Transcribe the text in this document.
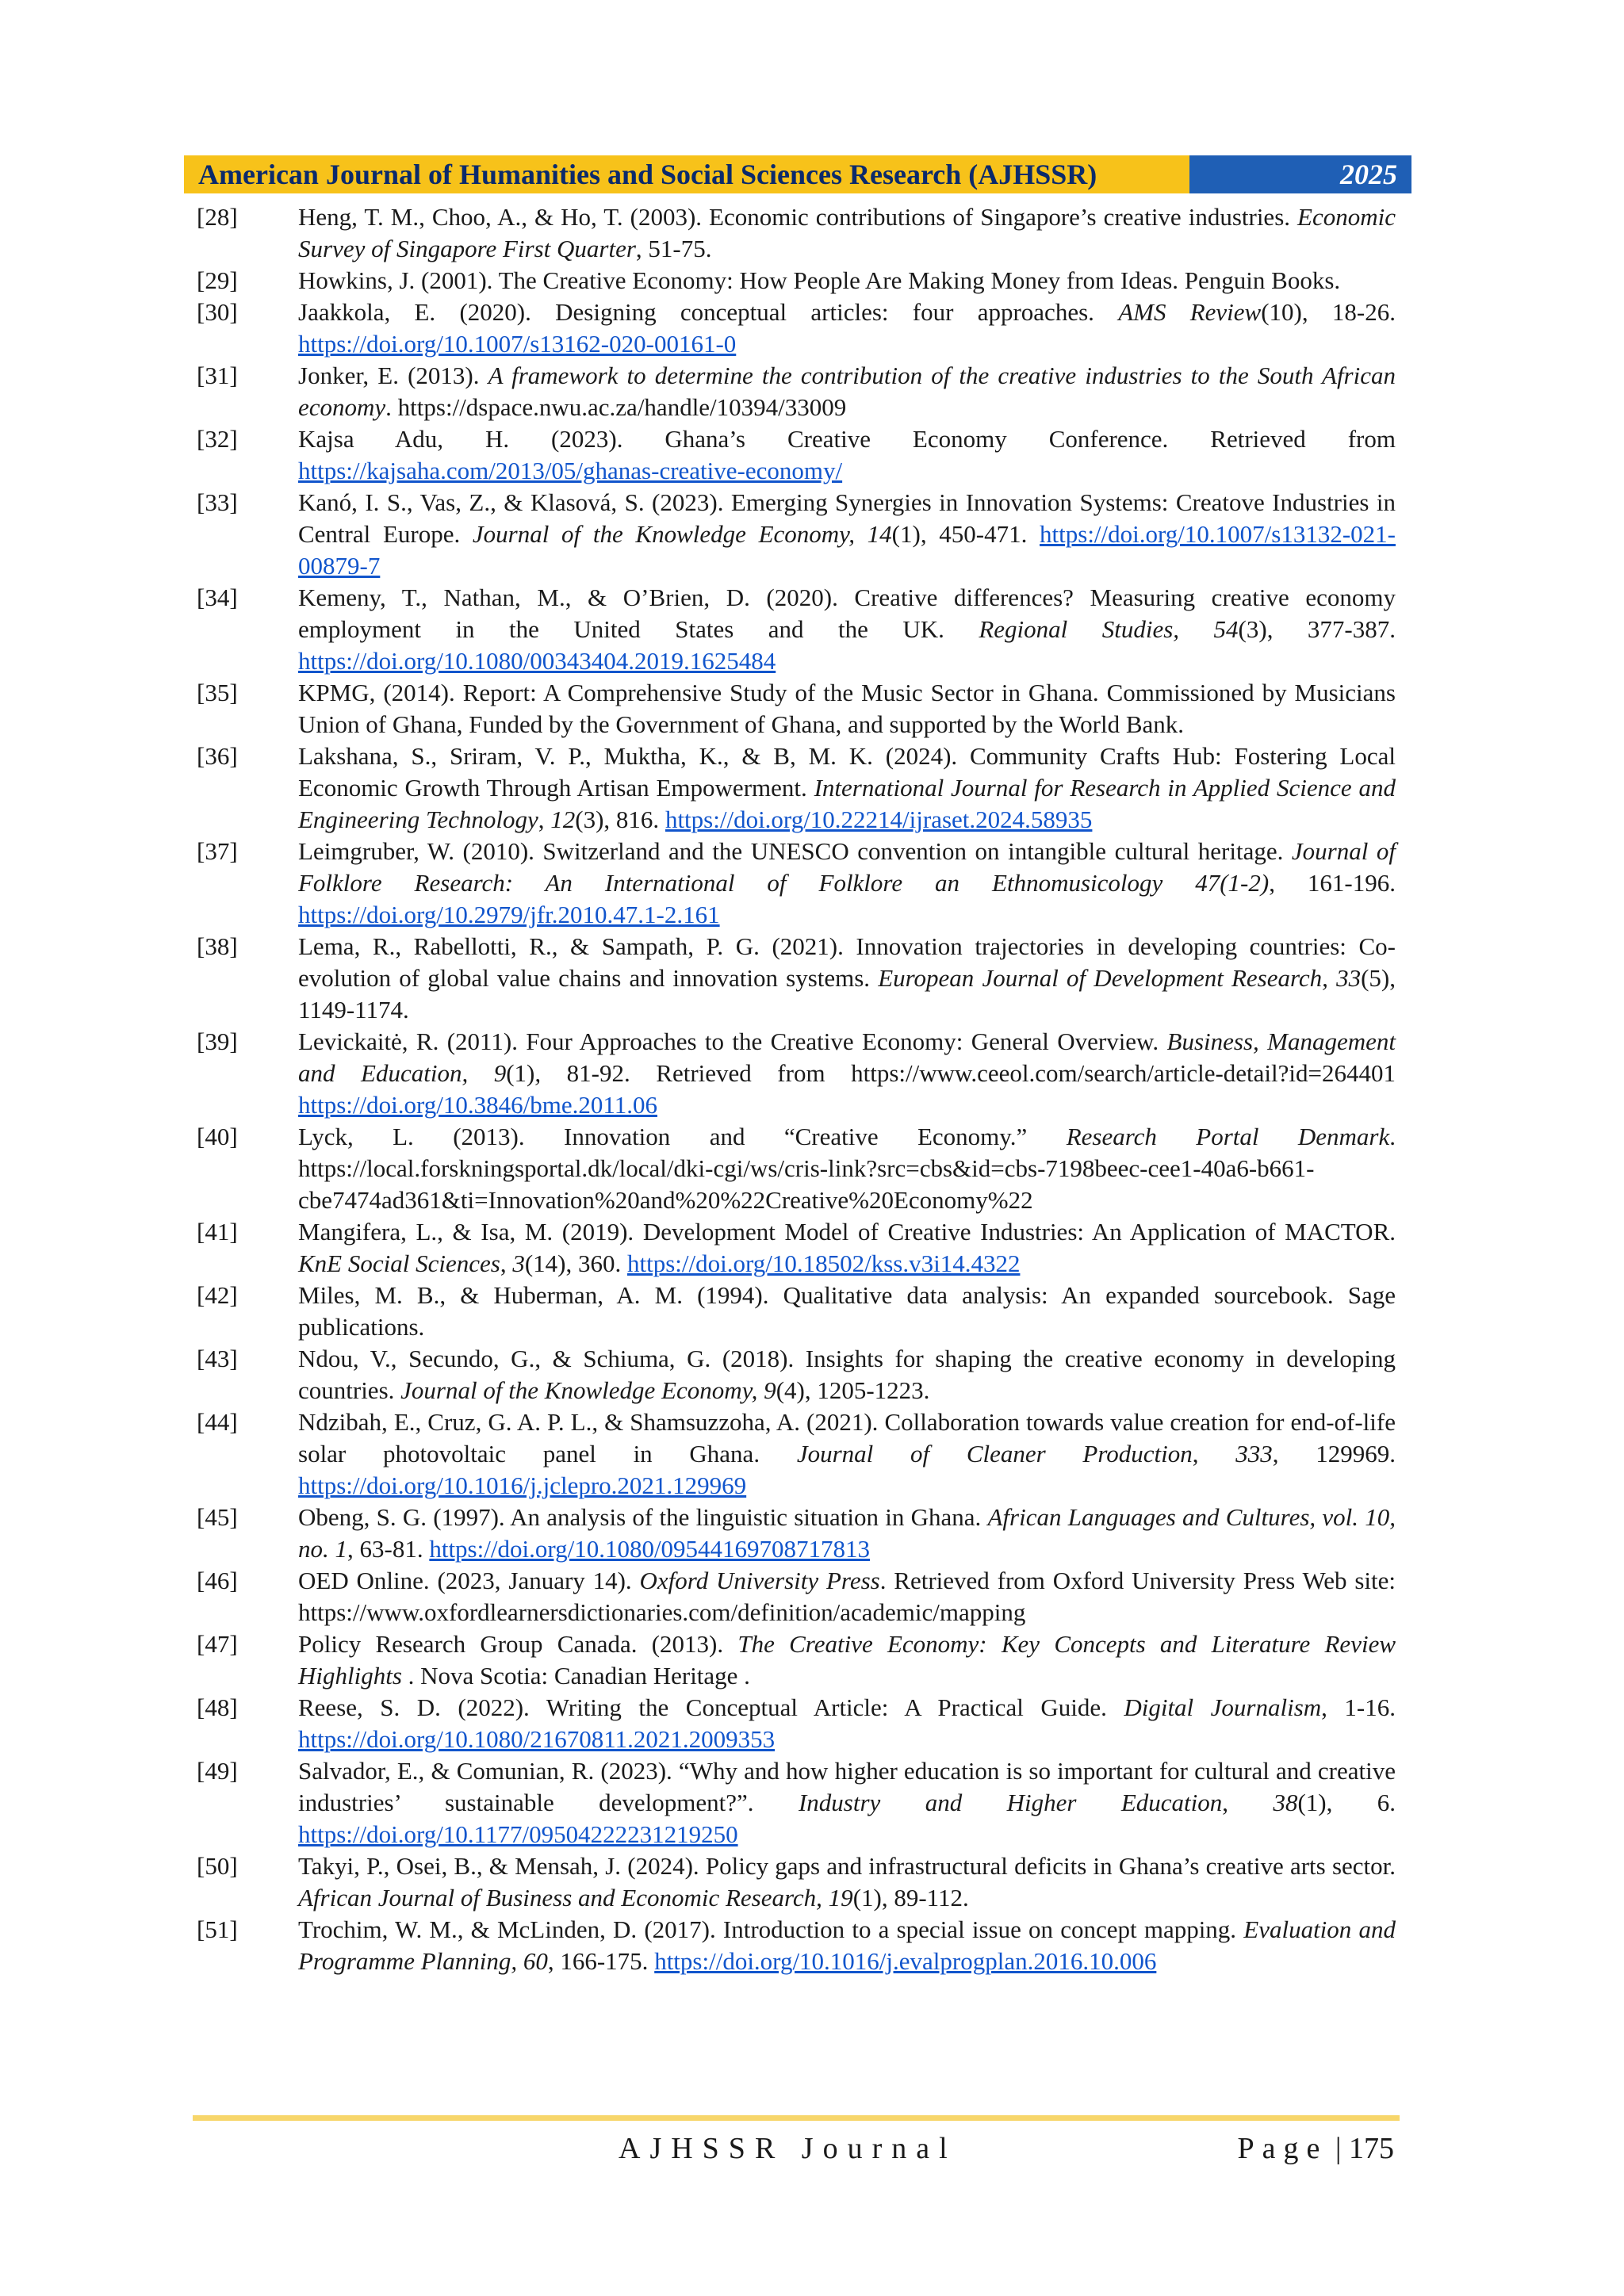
American Journal of Humanities and Social Sciences Research (AJHSSR)	2025
[28]	Heng, T. M., Choo, A., & Ho, T. (2003). Economic contributions of Singapore’s creative industries. Economic Survey of Singapore First Quarter, 51-75.
[29]	Howkins, J. (2001). The Creative Economy: How People Are Making Money from Ideas. Penguin Books.
[30]	Jaakkola, E. (2020). Designing conceptual articles: four approaches. AMS Review(10), 18-26. https://doi.org/10.1007/s13162-020-00161-0
[31]	Jonker, E. (2013). A framework to determine the contribution of the creative industries to the South African economy. https://dspace.nwu.ac.za/handle/10394/33009
[32]	Kajsa Adu, H. (2023). Ghana’s Creative Economy Conference. Retrieved from https://kajsaha.com/2013/05/ghanas-creative-economy/
[33]	Kanó, I. S., Vas, Z., & Klasová, S. (2023). Emerging Synergies in Innovation Systems: Creatove Industries in Central Europe. Journal of the Knowledge Economy, 14(1), 450-471. https://doi.org/10.1007/s13132-021-00879-7
[34]	Kemeny, T., Nathan, M., & O’Brien, D. (2020). Creative differences? Measuring creative economy employment in the United States and the UK. Regional Studies, 54(3), 377-387. https://doi.org/10.1080/00343404.2019.1625484
[35]	KPMG, (2014). Report: A Comprehensive Study of the Music Sector in Ghana. Commissioned by Musicians Union of Ghana, Funded by the Government of Ghana, and supported by the World Bank.
[36]	Lakshana, S., Sriram, V. P., Muktha, K., & B, M. K. (2024). Community Crafts Hub: Fostering Local Economic Growth Through Artisan Empowerment. International Journal for Research in Applied Science and Engineering Technology, 12(3), 816. https://doi.org/10.22214/ijraset.2024.58935
[37]	Leimgruber, W. (2010). Switzerland and the UNESCO convention on intangible cultural heritage. Journal of Folklore Research: An International of Folklore an Ethnomusicology 47(1-2), 161-196. https://doi.org/10.2979/jfr.2010.47.1-2.161
[38]	Lema, R., Rabellotti, R., & Sampath, P. G. (2021). Innovation trajectories in developing countries: Co-evolution of global value chains and innovation systems. European Journal of Development Research, 33(5), 1149-1174.
[39]	Levickaitė, R. (2011). Four Approaches to the Creative Economy: General Overview. Business, Management and Education, 9(1), 81-92. Retrieved from https://www.ceeol.com/search/article-detail?id=264401 https://doi.org/10.3846/bme.2011.06
[40]	Lyck, L. (2013). Innovation and “Creative Economy.” Research Portal Denmark. https://local.forskningsportal.dk/local/dki-cgi/ws/cris-link?src=cbs&id=cbs-7198beec-cee1-40a6-b661-cbe7474ad361&ti=Innovation%20and%20%22Creative%20Economy%22
[41]	Mangifera, L., & Isa, M. (2019). Development Model of Creative Industries: An Application of MACTOR. KnE Social Sciences, 3(14), 360. https://doi.org/10.18502/kss.v3i14.4322
[42]	Miles, M. B., & Huberman, A. M. (1994). Qualitative data analysis: An expanded sourcebook. Sage publications.
[43]	Ndou, V., Secundo, G., & Schiuma, G. (2018). Insights for shaping the creative economy in developing countries. Journal of the Knowledge Economy, 9(4), 1205-1223.
[44]	Ndzibah, E., Cruz, G. A. P. L., & Shamsuzzoha, A. (2021). Collaboration towards value creation for end-of-life solar photovoltaic panel in Ghana. Journal of Cleaner Production, 333, 129969. https://doi.org/10.1016/j.jclepro.2021.129969
[45]	Obeng, S. G. (1997). An analysis of the linguistic situation in Ghana. African Languages and Cultures, vol. 10, no. 1, 63-81. https://doi.org/10.1080/09544169708717813
[46]	OED Online. (2023, January 14). Oxford University Press. Retrieved from Oxford University Press Web site: https://www.oxfordlearnersdictionaries.com/definition/academic/mapping
[47]	Policy Research Group Canada. (2013). The Creative Economy: Key Concepts and Literature Review Highlights . Nova Scotia: Canadian Heritage .
[48]	Reese, S. D. (2022). Writing the Conceptual Article: A Practical Guide. Digital Journalism, 1-16. https://doi.org/10.1080/21670811.2021.2009353
[49]	Salvador, E., & Comunian, R. (2023). “Why and how higher education is so important for cultural and creative industries’ sustainable development?”. Industry and Higher Education, 38(1), 6. https://doi.org/10.1177/09504222231219250
[50]	Takyi, P., Osei, B., & Mensah, J. (2024). Policy gaps and infrastructural deficits in Ghana’s creative arts sector. African Journal of Business and Economic Research, 19(1), 89-112.
[51]	Trochim, W. M., & McLinden, D. (2017). Introduction to a special issue on concept mapping. Evaluation and Programme Planning, 60, 166-175. https://doi.org/10.1016/j.evalprogplan.2016.10.006
AJHSSR Journal	Page | 175
